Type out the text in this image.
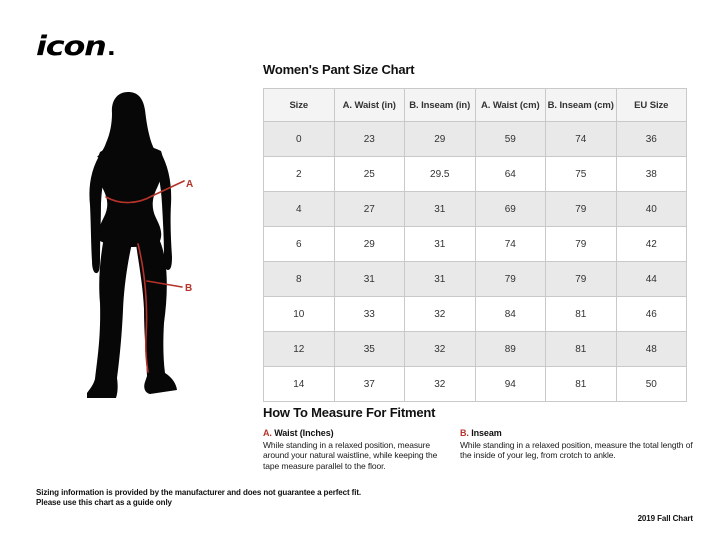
icon.
A
B
Women's Pant Size Chart
Size	A. Waist (in)	B. Inseam (in)	A. Waist (cm)	B. Inseam (cm)	EU Size
0	23	29	59	74	36
2	25	29.5	64	75	38
4	27	31	69	79	40
6	29	31	74	79	42
8	31	31	79	79	44
10	33	32	84	81	46
12	35	32	89	81	48
14	37	32	94	81	50
How To Measure For Fitment
A. Waist (Inches)
While standing in a relaxed position, measure around your natural waistline, while keeping the tape measure parallel to the floor.
B. Inseam
While standing in a relaxed position, measure the total length of the inside of your leg, from crotch to ankle.
Sizing information is provided by the manufacturer and does not guarantee a perfect fit.
Please use this chart as a guide only
2019 Fall Chart
